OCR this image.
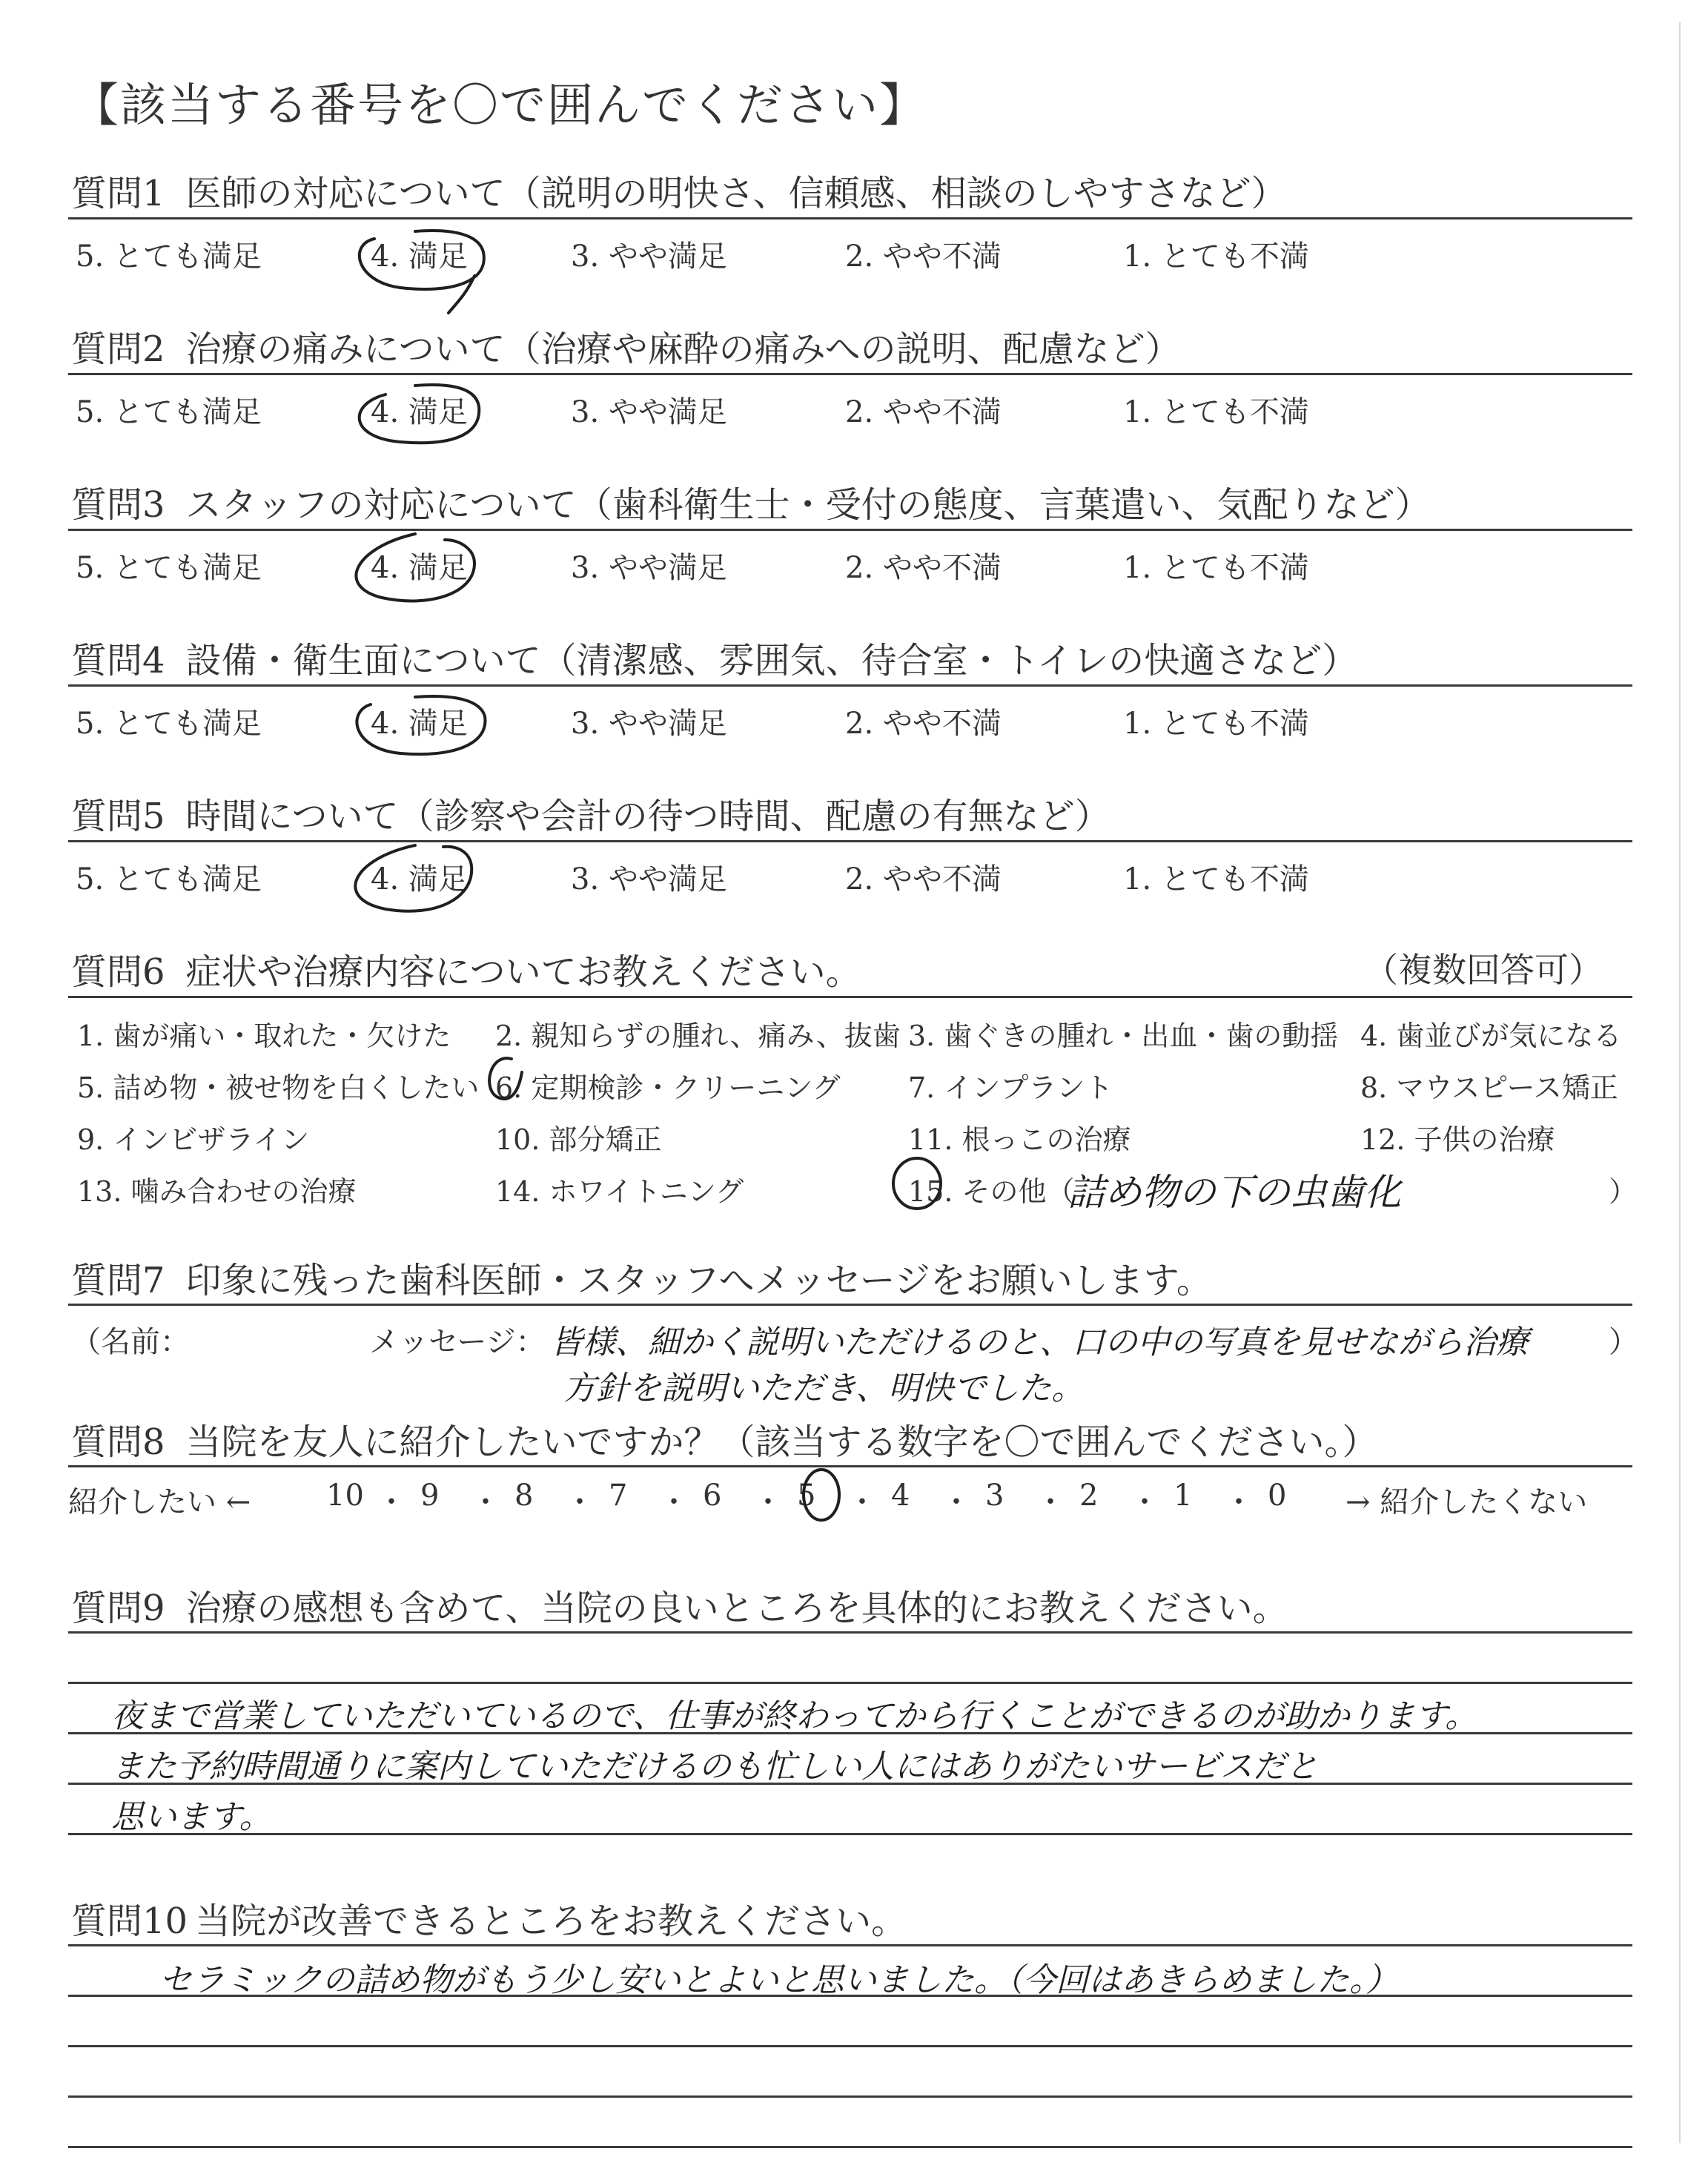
【該当する番号を〇で囲んでください】
質問1 医師の対応について（説明の明快さ、信頼感、相談のしやすさなど）
5. とても満足	4. 満足	3. やや満足	2. やや不満	1. とても不満
質問2 治療の痛みについて（治療や麻酔の痛みへの説明、配慮など）
5. とても満足	4. 満足	3. やや満足	2. やや不満	1. とても不満
質問3 スタッフの対応について（歯科衛生士・受付の態度、言葉遣い、気配りなど）
5. とても満足	4. 満足	3. やや満足	2. やや不満	1. とても不満
質問4 設備・衛生面について（清潔感、雰囲気、待合室・トイレの快適さなど）
5. とても満足	4. 満足	3. やや満足	2. やや不満	1. とても不満
質問5 時間について（診察や会計の待つ時間、配慮の有無など）
5. とても満足	4. 満足	3. やや満足	2. やや不満	1. とても不満
質問6 症状や治療内容についてお教えください。	（複数回答可）
1. 歯が痛い・取れた・欠けた 2. 親知らずの腫れ、痛み、抜歯 3. 歯ぐきの腫れ・出血・歯の動揺 4. 歯並びが気になる
5. 詰め物・被せ物を白くしたい 6. 定期検診・クリーニング 7. インプラント	8. マウスピース矯正
9. インビザライン	10. 部分矯正	11. 根っこの治療	12. 子供の治療
13. 噛み合わせの治療	14. ホワイトニング	15. その他（
詰め物の下の虫歯化	）
質問7 印象に残った歯科医師・スタッフへメッセージをお願いします。
（名前：	メッセージ： 皆様、細かく説明いただけるのと、口の中の写真を見せながら治療	）
方針を説明いただき、明快でした。
質問8 当院を友人に紹介したいですか？（該当する数字を〇で囲んでください。）
紹介したい ←	→ 紹介したくない
10 ・ 9 ・ 8 ・ 7 ・ 6 ・ 5 ・ 4 ・ 3 ・ 2 ・ 1 ・ 0
質問9 治療の感想も含めて、当院の良いところを具体的にお教えください。
夜まで営業していただいているので、仕事が終わってから行くことができるのが助かります。
また予約時間通りに案内していただけるのも忙しい人にはありがたいサービスだと
思います。
質問10 当院が改善できるところをお教えください。
セラミックの詰め物がもう少し安いとよいと思いました。（今回はあきらめました。）
